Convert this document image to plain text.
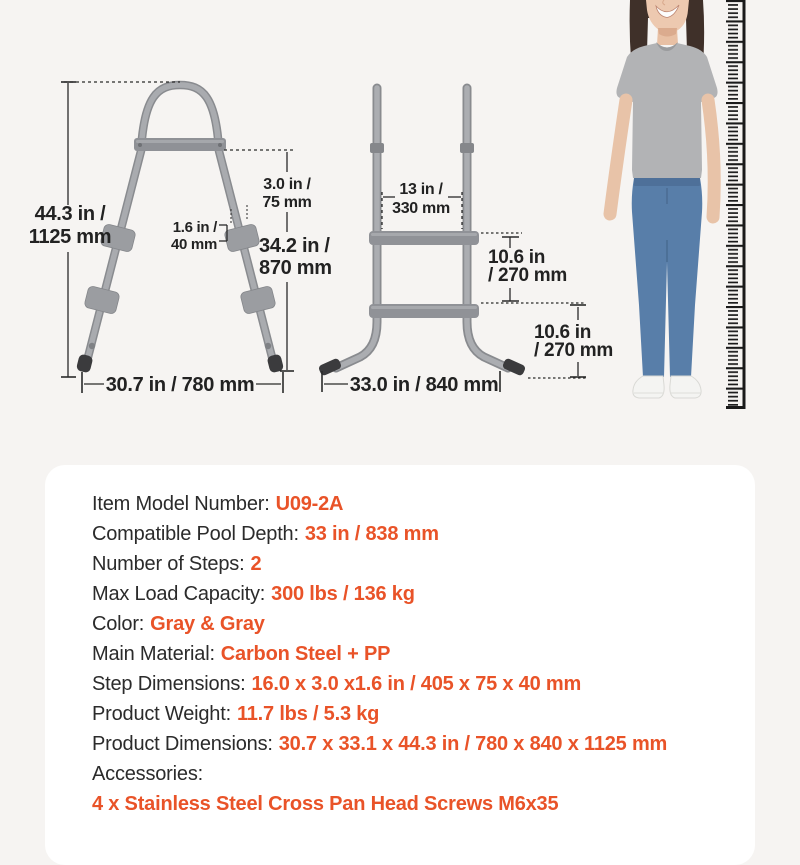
44.3 in /
1125 mm
3.0 in /
75 mm
1.6 in /
40 mm 34.2 in /
870 mm
30.7 in / 780 mm
13 in /
330 mm
10.6 in
/ 270 mm
10.6 in
/ 270 mm
33.0 in / 840 mm
Item Model Number: U09-2A
Compatible Pool Depth: 33 in / 838 mm
Number of Steps: 2
Max Load Capacity: 300 lbs / 136 kg
Color: Gray & Gray
Main Material: Carbon Steel + PP
Step Dimensions: 16.0 x 3.0 x1.6 in / 405 x 75 x 40 mm
Product Weight: 11.7 lbs / 5.3 kg
Product Dimensions: 30.7 x 33.1 x 44.3 in / 780 x 840 x 1125 mm
Accessories:
4 x Stainless Steel Cross Pan Head Screws M6x35
